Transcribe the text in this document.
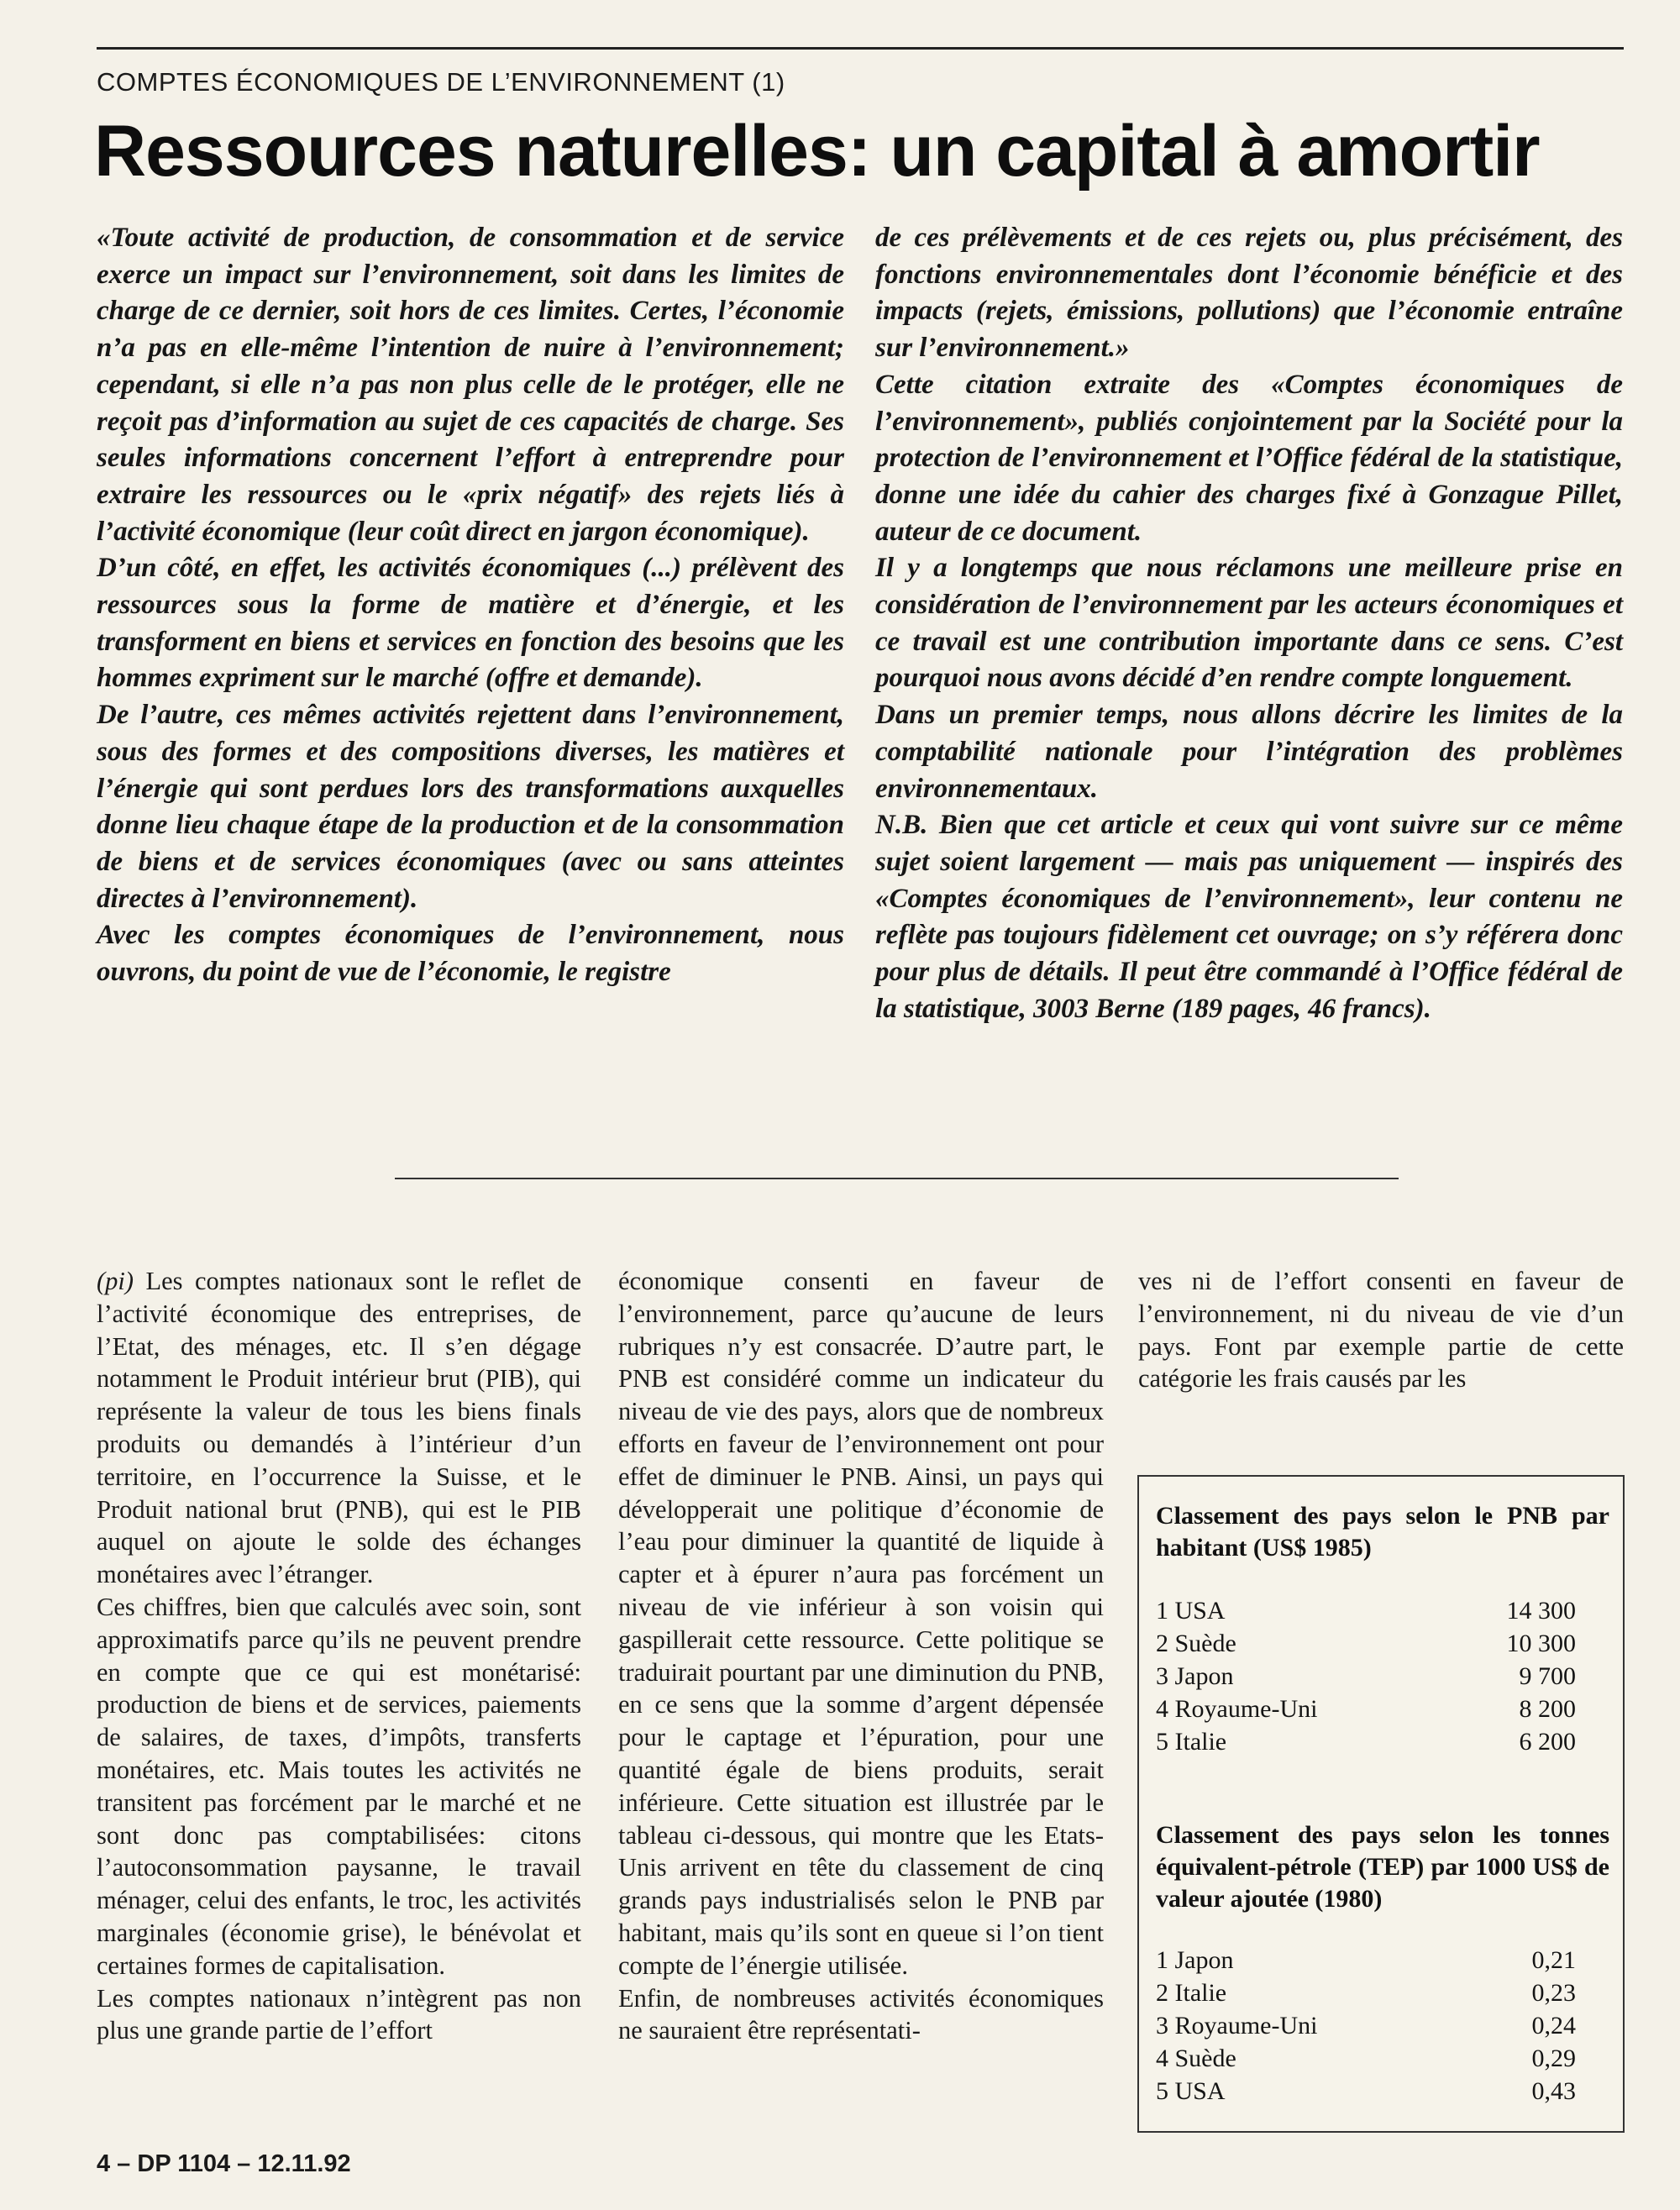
COMPTES ÉCONOMIQUES DE L’ENVIRONNEMENT (1)
Ressources naturelles: un capital à amortir

«Toute activité de production, de consommation et de service exerce un impact sur l’environnement, soit dans les limites de charge de ce dernier, soit hors de ces limites. Certes, l’économie n’a pas en elle-même l’intention de nuire à l’environnement; cependant, si elle n’a pas non plus celle de le protéger, elle ne reçoit pas d’information au sujet de ces capacités de charge. Ses seules informations concernent l’effort à entreprendre pour extraire les ressources ou le «prix négatif» des rejets liés à l’activité économique (leur coût direct en jargon économique).

D’un côté, en effet, les activités économiques (...) prélèvent des ressources sous la forme de matière et d’énergie, et les transforment en biens et services en fonction des besoins que les hommes expriment sur le marché (offre et demande).

De l’autre, ces mêmes activités rejettent dans l’environnement, sous des formes et des compositions diverses, les matières et l’énergie qui sont perdues lors des transformations auxquelles donne lieu chaque étape de la production et de la consommation de biens et de services économiques (avec ou sans atteintes directes à l’environnement).

Avec les comptes économiques de l’environnement, nous ouvrons, du point de vue de l’économie, le registre

de ces prélèvements et de ces rejets ou, plus précisément, des fonctions environnementales dont l’économie bénéficie et des impacts (rejets, émissions, pollutions) que l’économie entraîne sur l’environnement.»

Cette citation extraite des «Comptes économiques de l’environnement», publiés conjointement par la Société pour la protection de l’environnement et l’Office fédéral de la statistique, donne une idée du cahier des charges fixé à Gonzague Pillet, auteur de ce document.

Il y a longtemps que nous réclamons une meilleure prise en considération de l’environnement par les acteurs économiques et ce travail est une contribution importante dans ce sens. C’est pourquoi nous avons décidé d’en rendre compte longuement.

Dans un premier temps, nous allons décrire les limites de la comptabilité nationale pour l’intégration des problèmes environnementaux.

N.B. Bien que cet article et ceux qui vont suivre sur ce même sujet soient largement — mais pas uniquement — inspirés des «Comptes économiques de l’environnement», leur contenu ne reflète pas toujours fidèlement cet ouvrage; on s’y référera donc pour plus de détails. Il peut être commandé à l’Office fédéral de la statistique, 3003 Berne (189 pages, 46 francs).

(pi) Les comptes nationaux sont le reflet de l’activité économique des entreprises, de l’Etat, des ménages, etc. Il s’en dégage notamment le Produit intérieur brut (PIB), qui représente la valeur de tous les biens finals produits ou demandés à l’intérieur d’un territoire, en l’occurrence la Suisse, et le Produit national brut (PNB), qui est le PIB auquel on ajoute le solde des échanges monétaires avec l’étranger.

Ces chiffres, bien que calculés avec soin, sont approximatifs parce qu’ils ne peuvent prendre en compte que ce qui est monétarisé: production de biens et de services, paiements de salaires, de taxes, d’impôts, transferts monétaires, etc. Mais toutes les activités ne transitent pas forcément par le marché et ne sont donc pas comptabilisées: citons l’autoconsommation paysanne, le travail ménager, celui des enfants, le troc, les activités marginales (économie grise), le bénévolat et certaines formes de capitalisation.

Les comptes nationaux n’intègrent pas non plus une grande partie de l’effort

économique consenti en faveur de l’environnement, parce qu’aucune de leurs rubriques n’y est consacrée. D’autre part, le PNB est considéré comme un indicateur du niveau de vie des pays, alors que de nombreux efforts en faveur de l’environnement ont pour effet de diminuer le PNB. Ainsi, un pays qui développerait une politique d’économie de l’eau pour diminuer la quantité de liquide à capter et à épurer n’aura pas forcément un niveau de vie inférieur à son voisin qui gaspillerait cette ressource. Cette politique se traduirait pourtant par une diminution du PNB, en ce sens que la somme d’argent dépensée pour le captage et l’épuration, pour une quantité égale de biens produits, serait inférieure. Cette situation est illustrée par le tableau ci-dessous, qui montre que les Etats-Unis arrivent en tête du classement de cinq grands pays industrialisés selon le PNB par habitant, mais qu’ils sont en queue si l’on tient compte de l’énergie utilisée.

Enfin, de nombreuses activités économiques ne sauraient être représentati-

ves ni de l’effort consenti en faveur de l’environnement, ni du niveau de vie d’un pays. Font par exemple partie de cette catégorie les frais causés par les

Classement des pays selon le PNB par habitant (US$ 1985)
1 USA	14 300
2 Suède	10 300
3 Japon	9 700
4 Royaume-Uni	8 200
5 Italie	6 200
Classement des pays selon les tonnes équivalent-pétrole (TEP) par 1000 US$ de valeur ajoutée (1980)
1 Japon	0,21
2 Italie	0,23
3 Royaume-Uni	0,24
4 Suède	0,29
5 USA	0,43
4 – DP 1104 – 12.11.92
